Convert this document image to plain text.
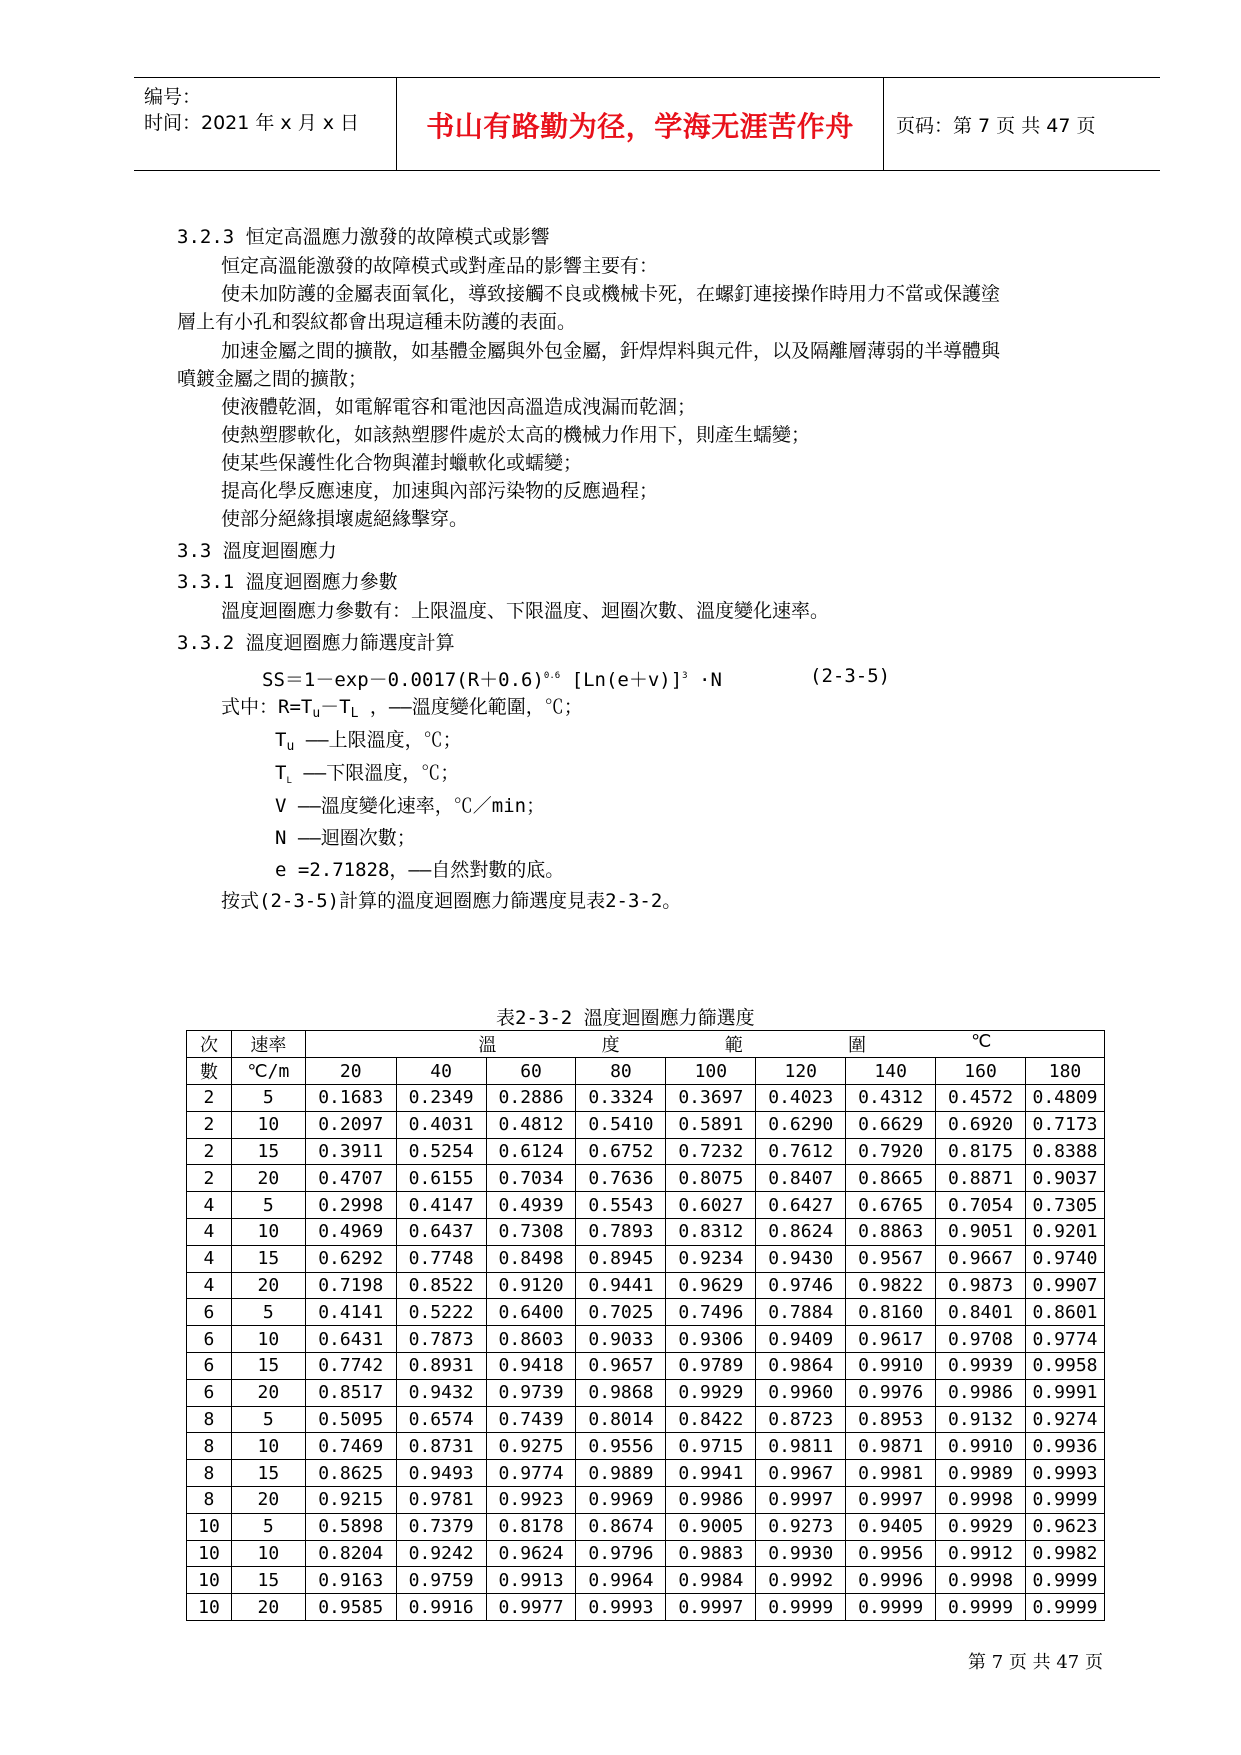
编号：
时间：2021 年 x 月 x 日	书山有路勤为径，学海无涯苦作舟	页码：第 7 页 共 47 页
3.2.3 恒定高溫應力激發的故障模式或影響
恒定高溫能激發的故障模式或對產品的影響主要有：
使未加防護的金屬表面氧化，導致接觸不良或機械卡死，在螺釘連接操作時用力不當或保護塗
層上有小孔和裂紋都會出現這種未防護的表面。
加速金屬之間的擴散，如基體金屬與外包金屬，釬焊焊料與元件，以及隔離層薄弱的半導體與
噴鍍金屬之間的擴散；
使液體乾涸，如電解電容和電池因高溫造成洩漏而乾涸；
使熱塑膠軟化，如該熱塑膠件處於太高的機械力作用下，則產生蠕變；
使某些保護性化合物與灌封蠟軟化或蠕變；
提高化學反應速度，加速與內部污染物的反應過程；
使部分絕緣損壞處絕緣擊穿。
3.3 溫度迴圈應力
3.3.1 溫度迴圈應力參數
溫度迴圈應力參數有：上限溫度、下限溫度、迴圈次數、溫度變化速率。
3.3.2 溫度迴圈應力篩選度計算
$SS=1-\exp-0.0017(R+0.6)^{0.6}$ $[Ln(e+v)]^3 \cdot N$	(2-3-5)
式中：$R=T_u-T_L$ ，——溫度變化範圍，℃；
$T_u$ ——上限溫度，℃；
$T_L$ ——下限溫度，℃；
V ——溫度變化速率，℃／min；
N ——迴圈次數；
e =2.71828，——自然對數的底。
按式(2-3-5)計算的溫度迴圈應力篩選度見表2-3-2。
表2-3-2 溫度迴圈應力篩選度
次	速率	溫 度 範 圍 ℃								

數	℃/m	20	40	60	80	100	120	140	160	180
2	5	0.1683	0.2349	0.2886	0.3324	0.3697	0.4023	0.4312	0.4572	0.4809
2	10	0.2097	0.4031	0.4812	0.5410	0.5891	0.6290	0.6629	0.6920	0.7173
2	15	0.3911	0.5254	0.6124	0.6752	0.7232	0.7612	0.7920	0.8175	0.8388
2	20	0.4707	0.6155	0.7034	0.7636	0.8075	0.8407	0.8665	0.8871	0.9037
4	5	0.2998	0.4147	0.4939	0.5543	0.6027	0.6427	0.6765	0.7054	0.7305
4	10	0.4969	0.6437	0.7308	0.7893	0.8312	0.8624	0.8863	0.9051	0.9201
4	15	0.6292	0.7748	0.8498	0.8945	0.9234	0.9430	0.9567	0.9667	0.9740
4	20	0.7198	0.8522	0.9120	0.9441	0.9629	0.9746	0.9822	0.9873	0.9907
6	5	0.4141	0.5222	0.6400	0.7025	0.7496	0.7884	0.8160	0.8401	0.8601
6	10	0.6431	0.7873	0.8603	0.9033	0.9306	0.9409	0.9617	0.9708	0.9774
6	15	0.7742	0.8931	0.9418	0.9657	0.9789	0.9864	0.9910	0.9939	0.9958
6	20	0.8517	0.9432	0.9739	0.9868	0.9929	0.9960	0.9976	0.9986	0.9991
8	5	0.5095	0.6574	0.7439	0.8014	0.8422	0.8723	0.8953	0.9132	0.9274
8	10	0.7469	0.8731	0.9275	0.9556	0.9715	0.9811	0.9871	0.9910	0.9936
8	15	0.8625	0.9493	0.9774	0.9889	0.9941	0.9967	0.9981	0.9989	0.9993
8	20	0.9215	0.9781	0.9923	0.9969	0.9986	0.9997	0.9997	0.9998	0.9999
10	5	0.5898	0.7379	0.8178	0.8674	0.9005	0.9273	0.9405	0.9929	0.9623
10	10	0.8204	0.9242	0.9624	0.9796	0.9883	0.9930	0.9956	0.9912	0.9982
10	15	0.9163	0.9759	0.9913	0.9964	0.9984	0.9992	0.9996	0.9998	0.9999
10	20	0.9585	0.9916	0.9977	0.9993	0.9997	0.9999	0.9999	0.9999	0.9999
第 7 页 共 47 页
